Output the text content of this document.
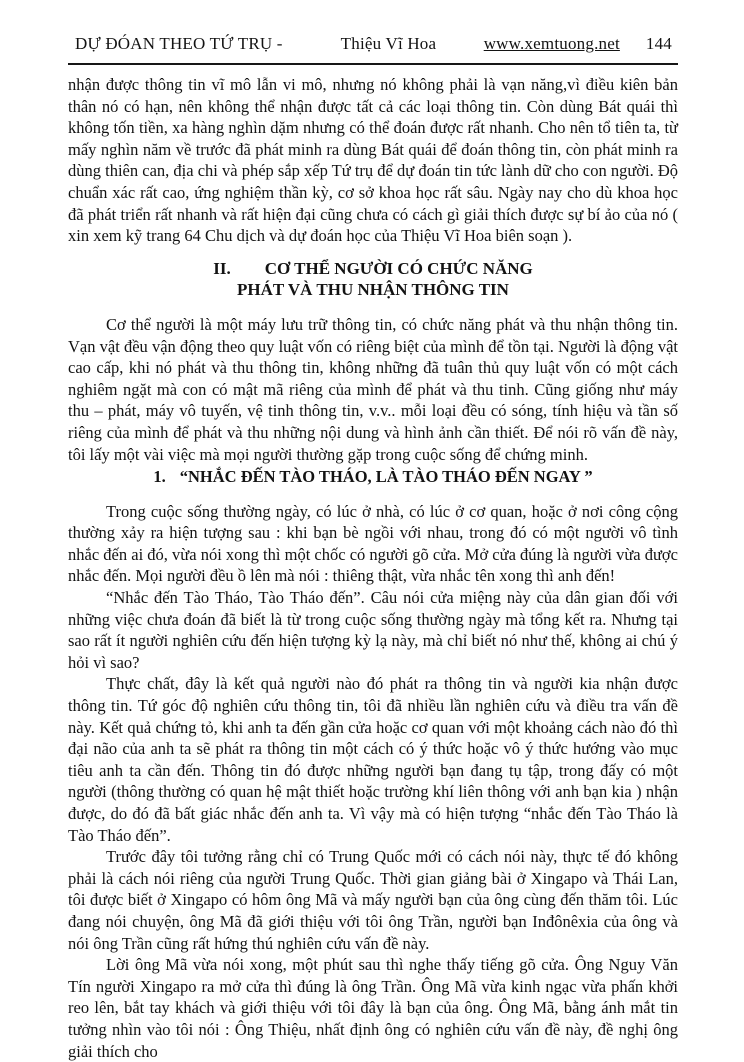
DỰ ĐÓAN THEO TỨ TRỤ -	Thiệu Vĩ Hoa	www.xemtuong.net 144

nhận được thông tin vĩ mô lẫn vi mô, nhưng nó không phải là vạn năng,vì điều kiên bản thân nó có hạn, nên không thể nhận được tất cả các loại thông tin. Còn dùng Bát quái thì không tốn tiền, xa hàng nghìn dặm nhưng có thể đoán được rất nhanh. Cho nên tổ tiên ta, từ mấy nghìn năm về trước đã phát minh ra dùng Bát quái để đoán thông tin, còn phát minh ra dùng thiên can, địa chi và phép sắp xếp Tứ trụ để dự đoán tin tức lành dữ cho con người. Độ chuẩn xác rất cao, ứng nghiệm thần kỳ, cơ sở khoa học rất sâu. Ngày nay cho dù khoa học đã phát triển rất nhanh và rất hiện đại cũng chưa có cách gì giải thích được sự bí ảo của nó ( xin xem kỹ trang 64 Chu dịch và dự đoán học của Thiệu Vĩ Hoa biên soạn ).

II. CƠ THỂ NGƯỜI CÓ CHỨC NĂNG
PHÁT VÀ THU NHẬN THÔNG TIN

Cơ thể người là một máy lưu trữ thông tin, có chức năng phát và thu nhận thông tin. Vạn vật đều vận động theo quy luật vốn có riêng biệt của mình để tồn tại. Người là động vật cao cấp, khi nó phát và thu thông tin, không những đã tuân thủ quy luật vốn có một cách nghiêm ngặt mà con có mật mã riêng của mình để phát và thu tinh. Cũng giống như máy thu – phát, máy vô tuyến, vệ tinh thông tin, v.v.. mỗi loại đều có sóng, tính hiệu và tần số riêng của mình để phát và thu những nội dung và hình ảnh cần thiết. Để nói rõ vấn đề này, tôi lấy một vài việc mà mọi người thường gặp trong cuộc sống để chứng minh.

1. “NHẮC ĐẾN TÀO THÁO, LÀ TÀO THÁO ĐẾN NGAY ”

Trong cuộc sống thường ngày, có lúc ở nhà, có lúc ở cơ quan, hoặc ở nơi công cộng thường xảy ra hiện tượng sau : khi bạn bè ngồi với nhau, trong đó có một người vô tình nhắc đến ai đó, vừa nói xong thì một chốc có người gõ cửa. Mở cửa đúng là người vừa được nhắc đến. Mọi người đều ồ lên mà nói : thiêng thật, vừa nhắc tên xong thì anh đến!

“Nhắc đến Tào Tháo, Tào Tháo đến”. Câu nói cửa miệng này của dân gian đối với những việc chưa đoán đã biết là từ trong cuộc sống thường ngày mà tổng kết ra. Nhưng tại sao rất ít người nghiên cứu đến hiện tượng kỳ lạ này, mà chỉ biết nó như thế, không ai chú ý hỏi vì sao?

Thực chất, đây là kết quả người nào đó phát ra thông tin và người kia nhận được thông tin. Tứ góc độ nghiên cứu thông tin, tôi đã nhiều lần nghiên cứu và điều tra vấn đề này. Kết quả chứng tỏ, khi anh ta đến gần cửa hoặc cơ quan với một khoảng cách nào đó thì đại não của anh ta sẽ phát ra thông tin một cách có ý thức hoặc vô ý thức hướng vào mục tiêu anh ta cần đến. Thông tin đó được những người bạn đang tụ tập, trong đấy có một người (thông thường có quan hệ mật thiết hoặc trường khí liên thông với anh bạn kia ) nhận được, do đó đã bất giác nhắc đến anh ta. Vì vậy mà có hiện tượng “nhắc đến Tào Tháo là Tào Tháo đến”.

Trước đây tôi tưởng rằng chỉ có Trung Quốc mới có cách nói này, thực tế đó không phải là cách nói riêng của người Trung Quốc. Thời gian giảng bài ở Xingapo và Thái Lan, tôi được biết ở Xingapo có hôm ông Mã và mấy người bạn của ông cùng đến thăm tôi. Lúc đang nói chuyện, ông Mã đã giới thiệu với tôi ông Trần, người bạn Inđônêxia của ông và nói ông Trần cũng rất hứng thú nghiên cứu vấn đề này.

Lời ông Mã vừa nói xong, một phút sau thì nghe thấy tiếng gõ cửa. Ông Nguy Văn Tín người Xingapo ra mở cửa thì đúng là ông Trần. Ông Mã vừa kinh ngạc vừa phấn khởi reo lên, bắt tay khách và giới thiệu với tôi đây là bạn của ông. Ông Mã, bằng ánh mắt tin tưởng nhìn vào tôi nói : Ông Thiệu, nhất định ông có nghiên cứu vấn đề này, đề nghị ông giải thích cho
